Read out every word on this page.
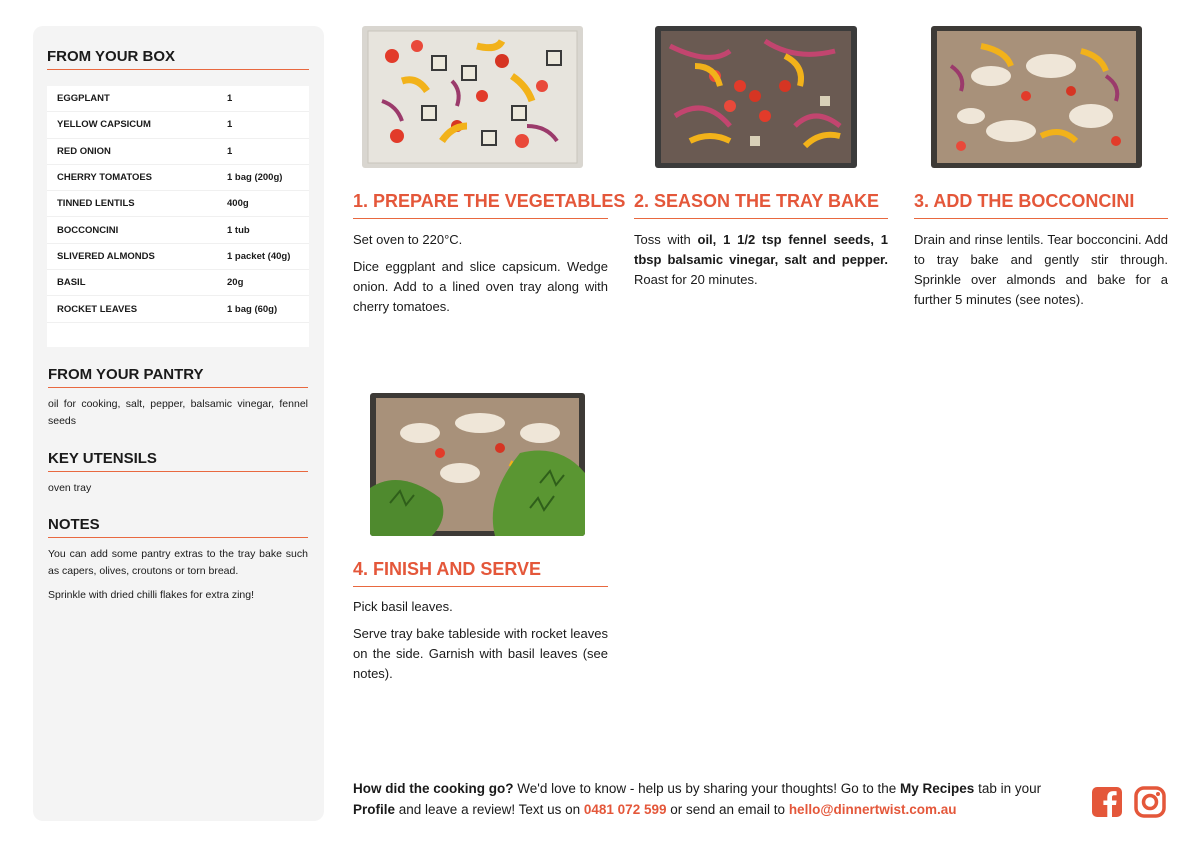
FROM YOUR BOX
EGGPLANT	1
YELLOW CAPSICUM	1
RED ONION	1
CHERRY TOMATOES	1 bag (200g)
TINNED LENTILS	400g
BOCCONCINI	1 tub
SLIVERED ALMONDS	1 packet (40g)
BASIL	20g
ROCKET LEAVES	1 bag (60g)
FROM YOUR PANTRY
oil for cooking, salt, pepper, balsamic vinegar, fennel seeds
KEY UTENSILS
oven tray
NOTES
You can add some pantry extras to the tray bake such as capers, olives, croutons or torn bread.
Sprinkle with dried chilli flakes for extra zing!
1. PREPARE THE VEGETABLES

Set oven to 220°C.

Dice eggplant and slice capsicum. Wedge onion. Add to a lined oven tray along with cherry tomatoes.

2. SEASON THE TRAY BAKE

Toss with oil, 1 1/2 tsp fennel seeds, 1 tbsp balsamic vinegar, salt and pepper. Roast for 20 minutes.

3. ADD THE BOCCONCINI

Drain and rinse lentils. Tear bocconcini. Add to tray bake and gently stir through. Sprinkle over almonds and bake for a further 5 minutes (see notes).

4. FINISH AND SERVE

Pick basil leaves.

Serve tray bake tableside with rocket leaves on the side. Garnish with basil leaves (see notes).

How did the cooking go? We'd love to know - help us by sharing your thoughts! Go to the My Recipes tab in your Profile and leave a review! Text us on 0481 072 599 or send an email to hello@dinnertwist.com.au
